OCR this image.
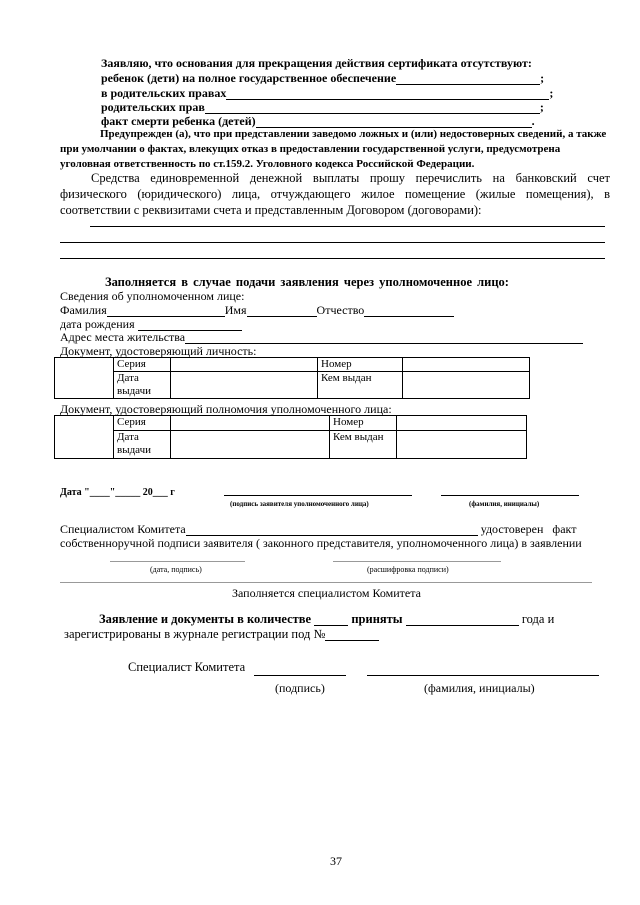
Заявляю, что основания для прекращения действия сертификата отсутствуют:
ребенок (дети) на полное государственное обеспечение	;
в родительских правах	;
родительских прав	;
факт смерти ребенка (детей)	.
Предупрежден (а), что при представлении заведомо ложных и (или) недостоверных сведений, а также при умолчании о фактах, влекущих отказ в предоставлении государственной услуги, предусмотрена уголовная ответственность по ст.159.2. Уголовного кодекса Российской Федерации.
Средства единовременной денежной выплаты прошу перечислить на банковский счет физического (юридического) лица, отчуждающего жилое помещение (жилые помещения), в соответствии с реквизитами счета и представленным Договором (договорами):
Заполняется в случае подачи заявления через уполномоченное лицо:
Сведения об уполномоченном лице:
Фамилия	Имя	Отчество
дата рождения
Адрес места жительства
Документ, удостоверяющий личность:
	Серия		Номер	
	Дата выдачи		Кем выдан	
Документ, удостоверяющий полномочия уполномоченного лица:
	Серия		Номер	
	Дата выдачи		Кем выдан	
Дата "____"_____ 20___ г
(подпись заявителя уполномоченного лица)	(фамилия, инициалы)
Специалистом Комитета	удостоверен факт
собственноручной подписи заявителя ( законного представителя, уполномоченного лица) в заявлении
(дата, подпись)	(расшифровка подписи)
Заполняется специалистом Комитета
Заявление и документы в количестве	приняты	года и
зарегистрированы в журнале регистрации под №
Специалист Комитета
(подпись)	(фамилия, инициалы)
37
